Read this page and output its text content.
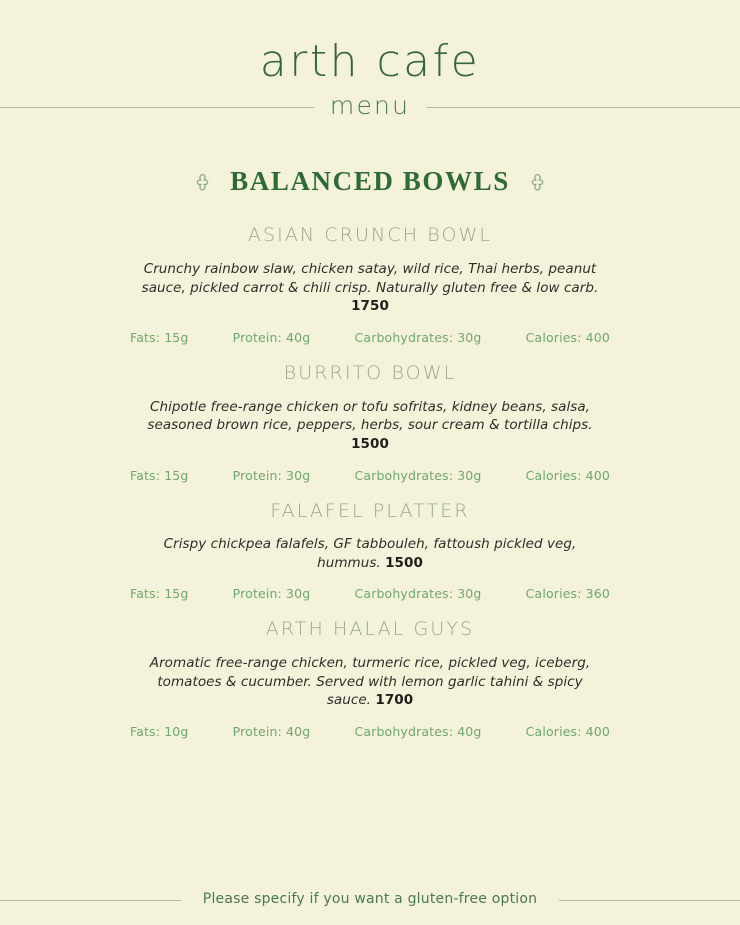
arth cafe
menu
BALANCED BOWLS
ASIAN CRUNCH BOWL
Crunchy rainbow slaw, chicken satay, wild rice, Thai herbs, peanut sauce, pickled carrot & chili crisp. Naturally gluten free & low carb. 1750
Fats: 15g	Protein: 40g	Carbohydrates: 30g	Calories: 400
BURRITO BOWL
Chipotle free-range chicken or tofu sofritas, kidney beans, salsa, seasoned brown rice, peppers, herbs, sour cream & tortilla chips. 1500
Fats: 15g	Protein: 30g	Carbohydrates: 30g	Calories: 400
FALAFEL PLATTER
Crispy chickpea falafels, GF tabbouleh, fattoush pickled veg, hummus. 1500
Fats: 15g	Protein: 30g	Carbohydrates: 30g	Calories: 360
ARTH HALAL GUYS
Aromatic free-range chicken, turmeric rice, pickled veg, iceberg, tomatoes & cucumber. Served with lemon garlic tahini & spicy sauce. 1700
Fats: 10g	Protein: 40g	Carbohydrates: 40g	Calories: 400
Please specify if you want a gluten-free option
